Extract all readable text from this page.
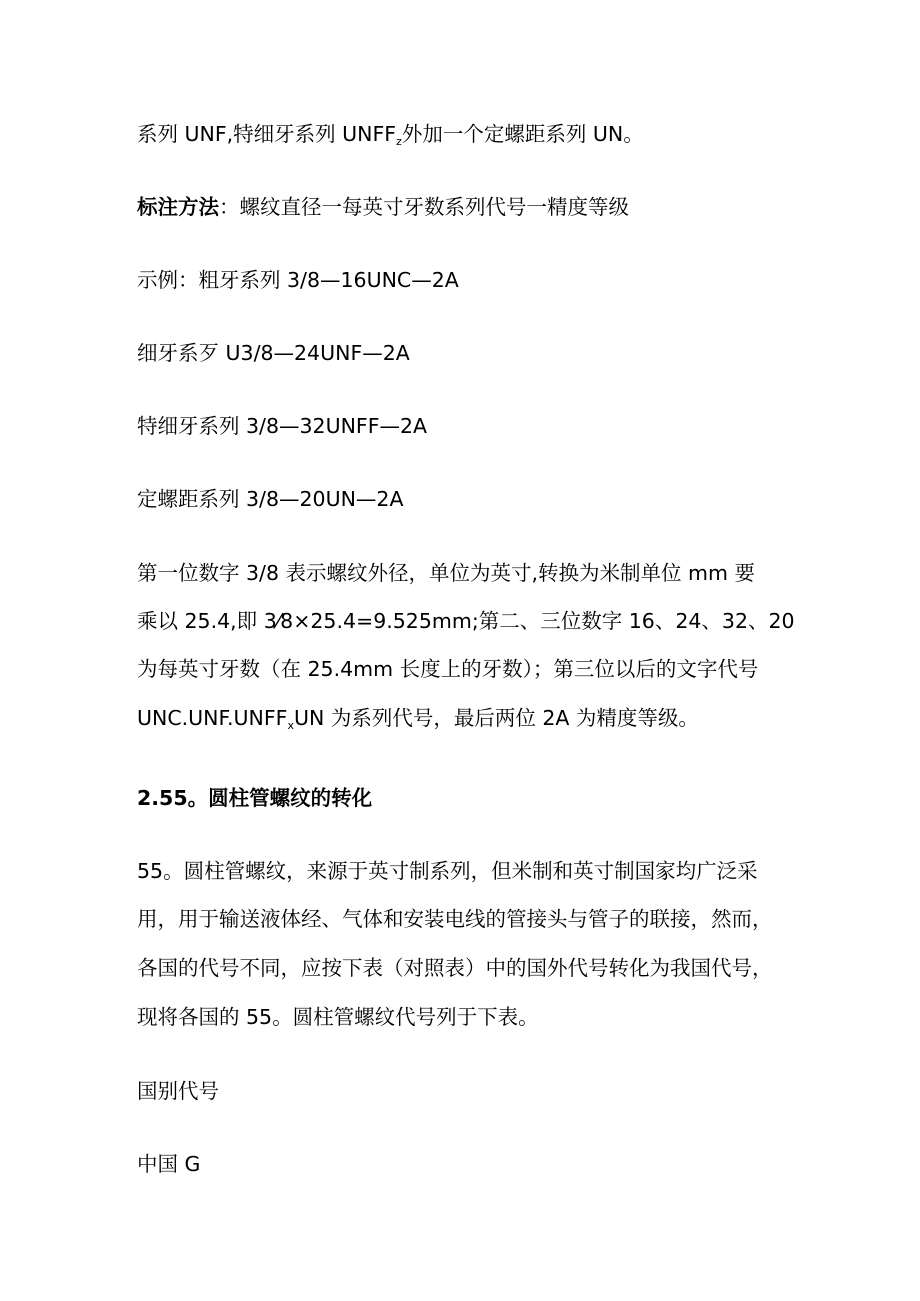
系列 UNF,特细牙系列 $UNFF_z$外加一个定螺距系列 UN。

标注方法：螺纹直径一每英寸牙数系列代号一精度等级

示例：粗牙系列 3/8—16UNC—2A

细牙系歹 U3/8—24UNF—2A

特细牙系列 3/8—32UNFF—2A

定螺距系列 3/8—20UN—2A

第一位数字 3/8 表示螺纹外径，单位为英寸,转换为米制单位 mm 要
乘以 25.4,即 3⁄8×25.4=9.525mm;第二、三位数字 16、24、32、20
为每英寸牙数（在 25.4mm 长度上的牙数）；第三位以后的文字代号
$UNC.UNF.UNFF_xUN$ 为系列代号，最后两位 2A 为精度等级。

2.55。圆柱管螺纹的转化

55。圆柱管螺纹，来源于英寸制系列，但米制和英寸制国家均广泛采
用，用于输送液体经、气体和安装电线的管接头与管子的联接，然而，
各国的代号不同，应按下表（对照表）中的国外代号转化为我国代号，
现将各国的 55。圆柱管螺纹代号列于下表。

国别代号

中国 G
